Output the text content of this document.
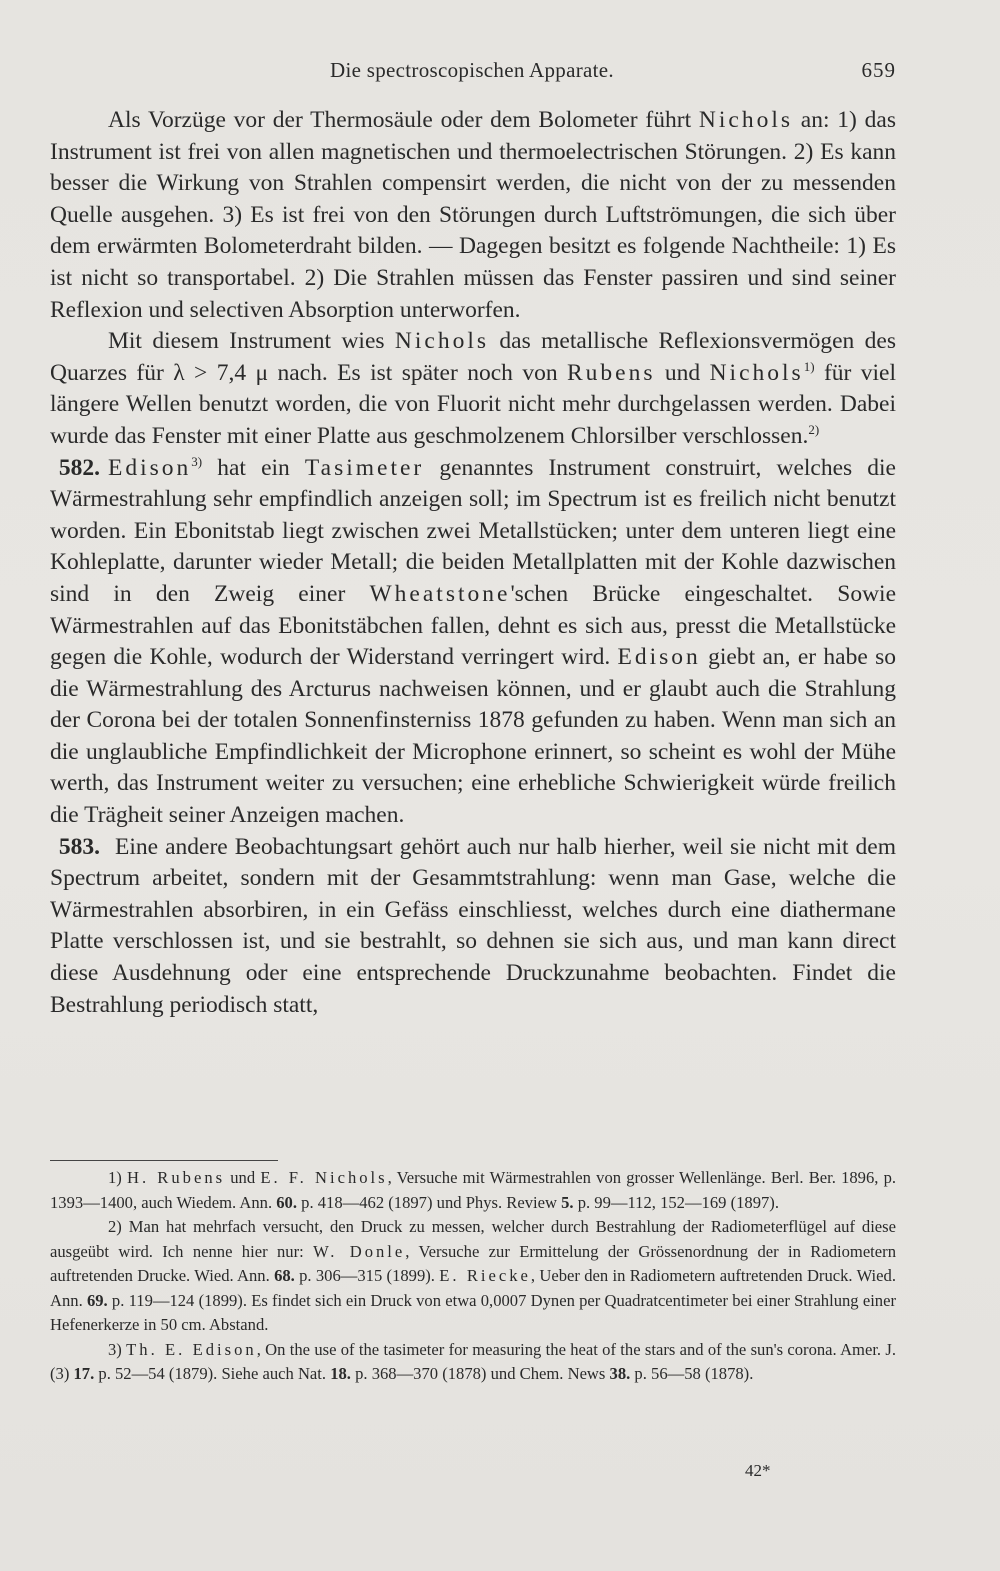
Die spectroscopischen Apparate.	659

Als Vorzüge vor der Thermosäule oder dem Bolometer führt Nichols an: 1) das Instrument ist frei von allen magnetischen und thermoelectrischen Störungen. 2) Es kann besser die Wirkung von Strahlen compensirt werden, die nicht von der zu messenden Quelle ausgehen. 3) Es ist frei von den Störungen durch Luftströmungen, die sich über dem erwärmten Bolometerdraht bilden. — Dagegen besitzt es folgende Nachtheile: 1) Es ist nicht so transportabel. 2) Die Strahlen müssen das Fenster passiren und sind seiner Reflexion und selectiven Absorption unterworfen.

Mit diesem Instrument wies Nichols das metallische Reflexionsvermögen des Quarzes für λ > 7,4 μ nach. Es ist später noch von Rubens und Nichols$^{1)}$ für viel längere Wellen benutzt worden, die von Fluorit nicht mehr durchgelassen werden. Dabei wurde das Fenster mit einer Platte aus geschmolzenem Chlorsilber verschlossen.$^{2)}$

582. Edison$^{3)}$ hat ein Tasimeter genanntes Instrument construirt, welches die Wärmestrahlung sehr empfindlich anzeigen soll; im Spectrum ist es freilich nicht benutzt worden. Ein Ebonitstab liegt zwischen zwei Metallstücken; unter dem unteren liegt eine Kohleplatte, darunter wieder Metall; die beiden Metallplatten mit der Kohle dazwischen sind in den Zweig einer Wheatstone'schen Brücke eingeschaltet. Sowie Wärmestrahlen auf das Ebonitstäbchen fallen, dehnt es sich aus, presst die Metallstücke gegen die Kohle, wodurch der Widerstand verringert wird. Edison giebt an, er habe so die Wärmestrahlung des Arcturus nachweisen können, und er glaubt auch die Strahlung der Corona bei der totalen Sonnenfinsterniss 1878 gefunden zu haben. Wenn man sich an die unglaubliche Empfindlichkeit der Microphone erinnert, so scheint es wohl der Mühe werth, das Instrument weiter zu versuchen; eine erhebliche Schwierigkeit würde freilich die Trägheit seiner Anzeigen machen.

583. Eine andere Beobachtungsart gehört auch nur halb hierher, weil sie nicht mit dem Spectrum arbeitet, sondern mit der Gesammtstrahlung: wenn man Gase, welche die Wärmestrahlen absorbiren, in ein Gefäss einschliesst, welches durch eine diathermane Platte verschlossen ist, und sie bestrahlt, so dehnen sie sich aus, und man kann direct diese Ausdehnung oder eine entsprechende Druckzunahme beobachten. Findet die Bestrahlung periodisch statt,

1) H. Rubens und E. F. Nichols, Versuche mit Wärmestrahlen von grosser Wellenlänge. Berl. Ber. 1896, p. 1393—1400, auch Wiedem. Ann. 60. p. 418—462 (1897) und Phys. Review 5. p. 99—112, 152—169 (1897).

2) Man hat mehrfach versucht, den Druck zu messen, welcher durch Bestrahlung der Radiometerflügel auf diese ausgeübt wird. Ich nenne hier nur: W. Donle, Versuche zur Ermittelung der Grössenordnung der in Radiometern auftretenden Drucke. Wied. Ann. 68. p. 306—315 (1899). E. Riecke, Ueber den in Radiometern auftretenden Druck. Wied. Ann. 69. p. 119—124 (1899). Es findet sich ein Druck von etwa 0,0007 Dynen per Quadratcentimeter bei einer Strahlung einer Hefenerkerze in 50 cm. Abstand.

3) Th. E. Edison, On the use of the tasimeter for measuring the heat of the stars and of the sun's corona. Amer. J. (3) 17. p. 52—54 (1879). Siehe auch Nat. 18. p. 368—370 (1878) und Chem. News 38. p. 56—58 (1878).

42*
